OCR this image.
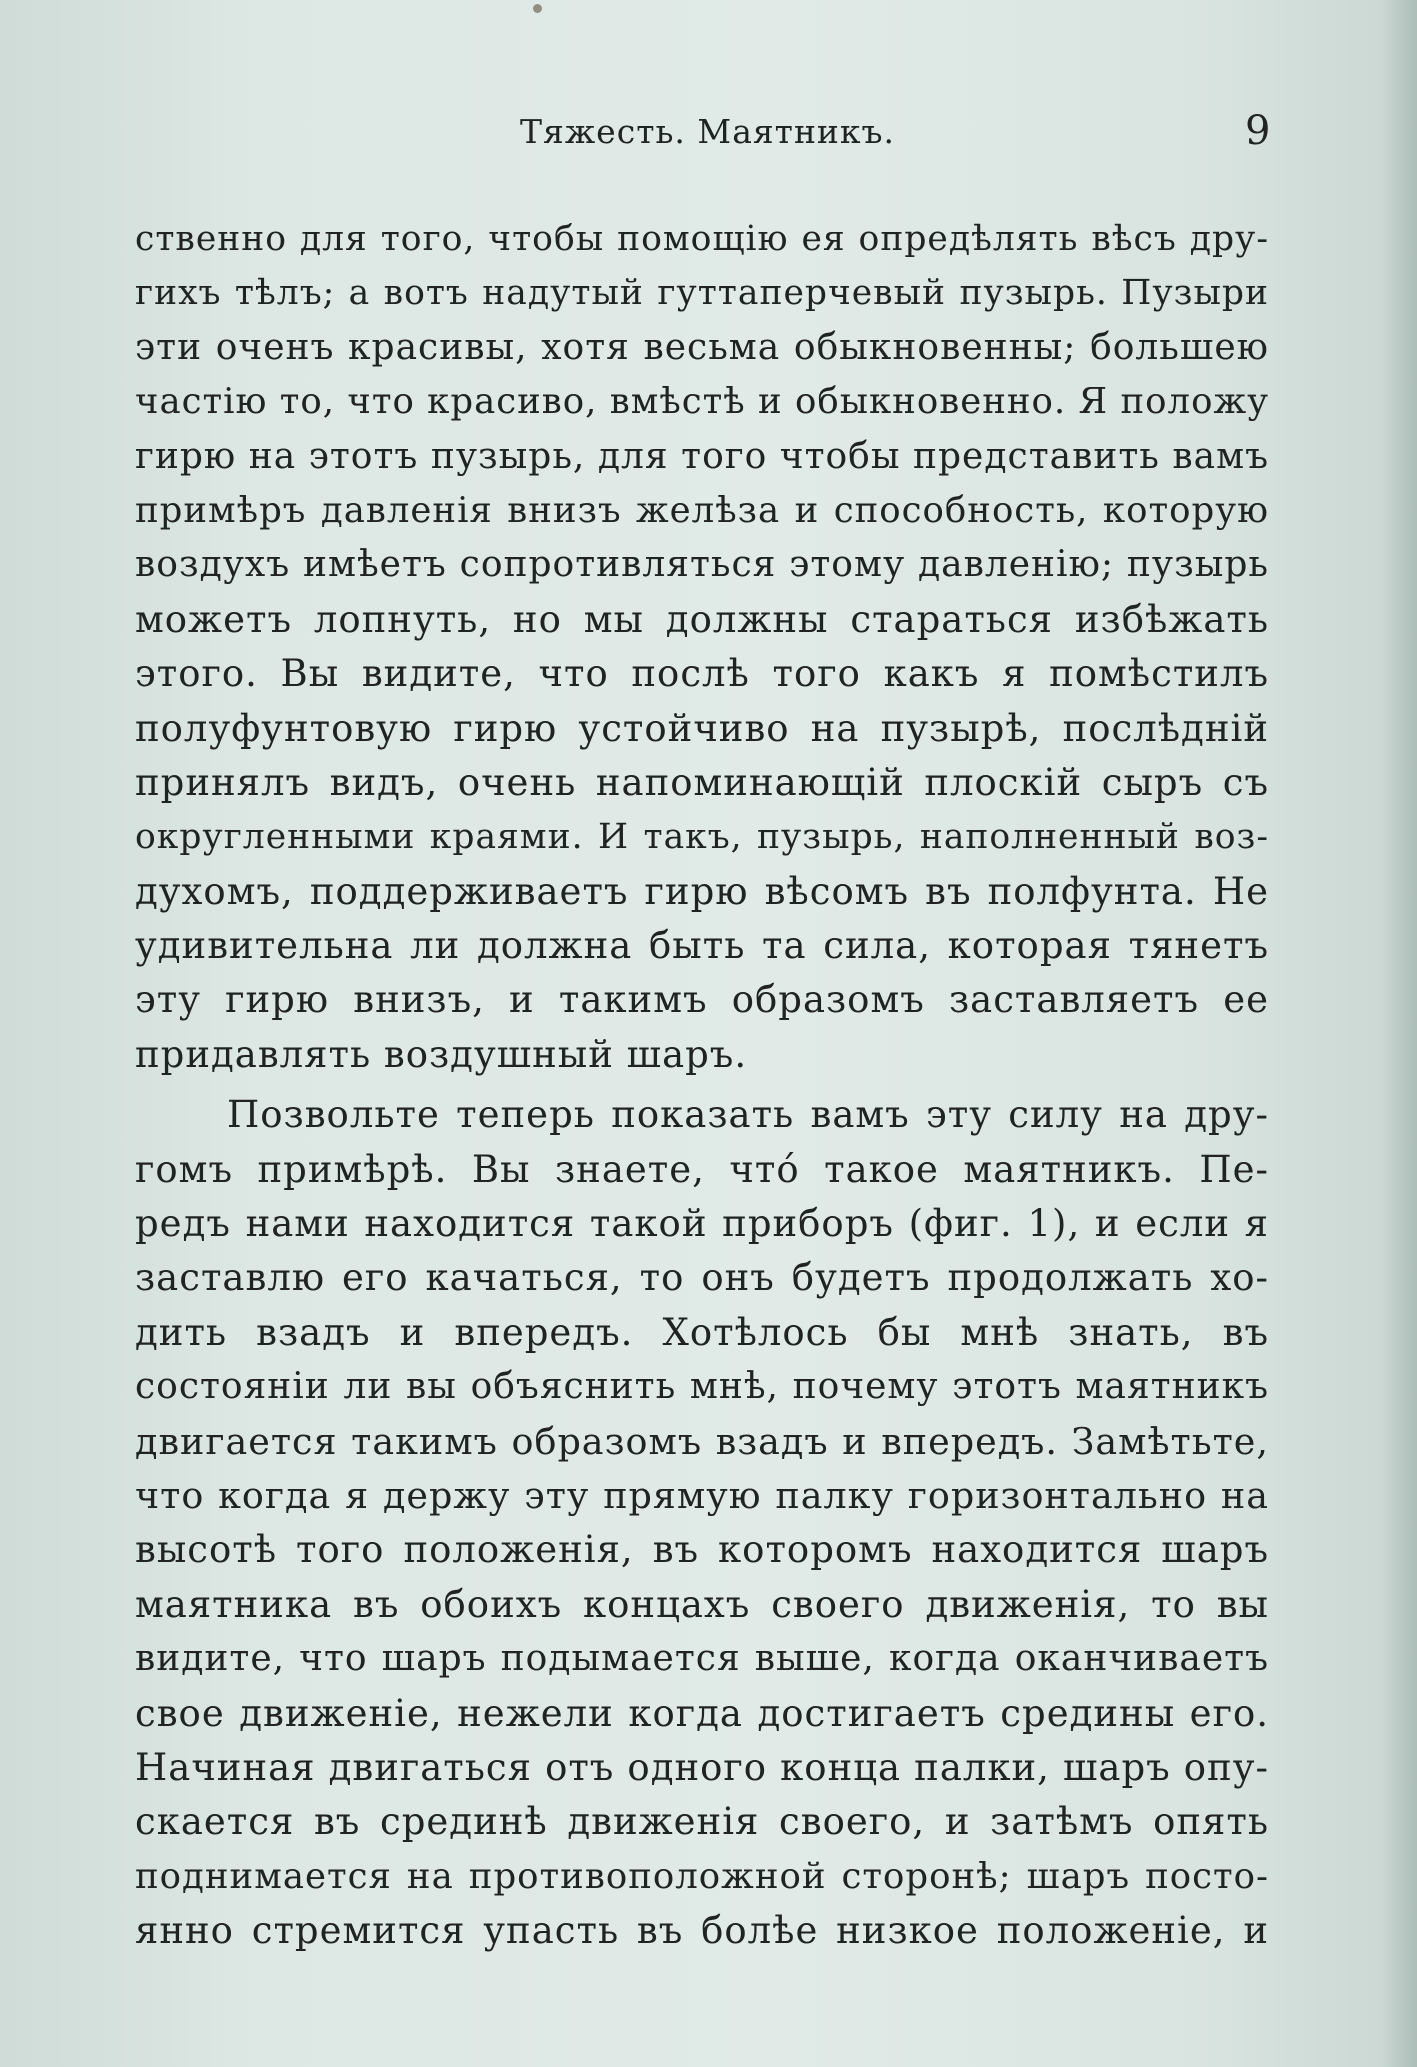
Тяжесть. Маятникъ.	9
ственно для того, чтобы помощію ея опредѣлять вѣсъ дру-
гихъ тѣлъ; а вотъ надутый гуттаперчевый пузырь. Пузыри
эти оченъ красивы, хотя весьма обыкновенны; большею
частію то, что красиво, вмѣстѣ и обыкновенно. Я положу
гирю на этотъ пузырь, для того чтобы представить вамъ
примѣръ давленія внизъ желѣза и способность, которую
воздухъ имѣетъ сопротивляться этому давленію; пузырь
можетъ лопнуть, но мы должны стараться избѣжать
этого. Вы видите, что послѣ того какъ я помѣстилъ
полуфунтовую гирю устойчиво на пузырѣ, послѣдній
принялъ видъ, очень напоминающій плоскій сыръ съ
округленными краями. И такъ, пузырь, наполненный воз-
духомъ, поддерживаетъ гирю вѣсомъ въ полфунта. Не
удивительна ли должна быть та сила, которая тянетъ
эту гирю внизъ, и такимъ образомъ заставляетъ ее
придавлять воздушный шаръ.
Позвольте теперь показать вамъ эту силу на дру-
гомъ примѣрѣ. Вы знаете, что́ такое маятникъ. Пе-
редъ нами находится такой приборъ (фиг. 1), и если я
заставлю его качаться, то онъ будетъ продолжать хо-
дить взадъ и впередъ. Хотѣлось бы мнѣ знать, въ
состояніи ли вы объяснить мнѣ, почему этотъ маятникъ
двигается такимъ образомъ взадъ и впередъ. Замѣтьте,
что когда я держу эту прямую палку горизонтально на
высотѣ того положенія, въ которомъ находится шаръ
маятника въ обоихъ концахъ своего движенія, то вы
видите, что шаръ подымается выше, когда оканчиваетъ
свое движеніе, нежели когда достигаетъ средины его.
Начиная двигаться отъ одного конца палки, шаръ опу-
скается въ срединѣ движенія своего, и затѣмъ опять
поднимается на противоположной сторонѣ; шаръ посто-
янно стремится упасть въ болѣе низкое положеніе, и
